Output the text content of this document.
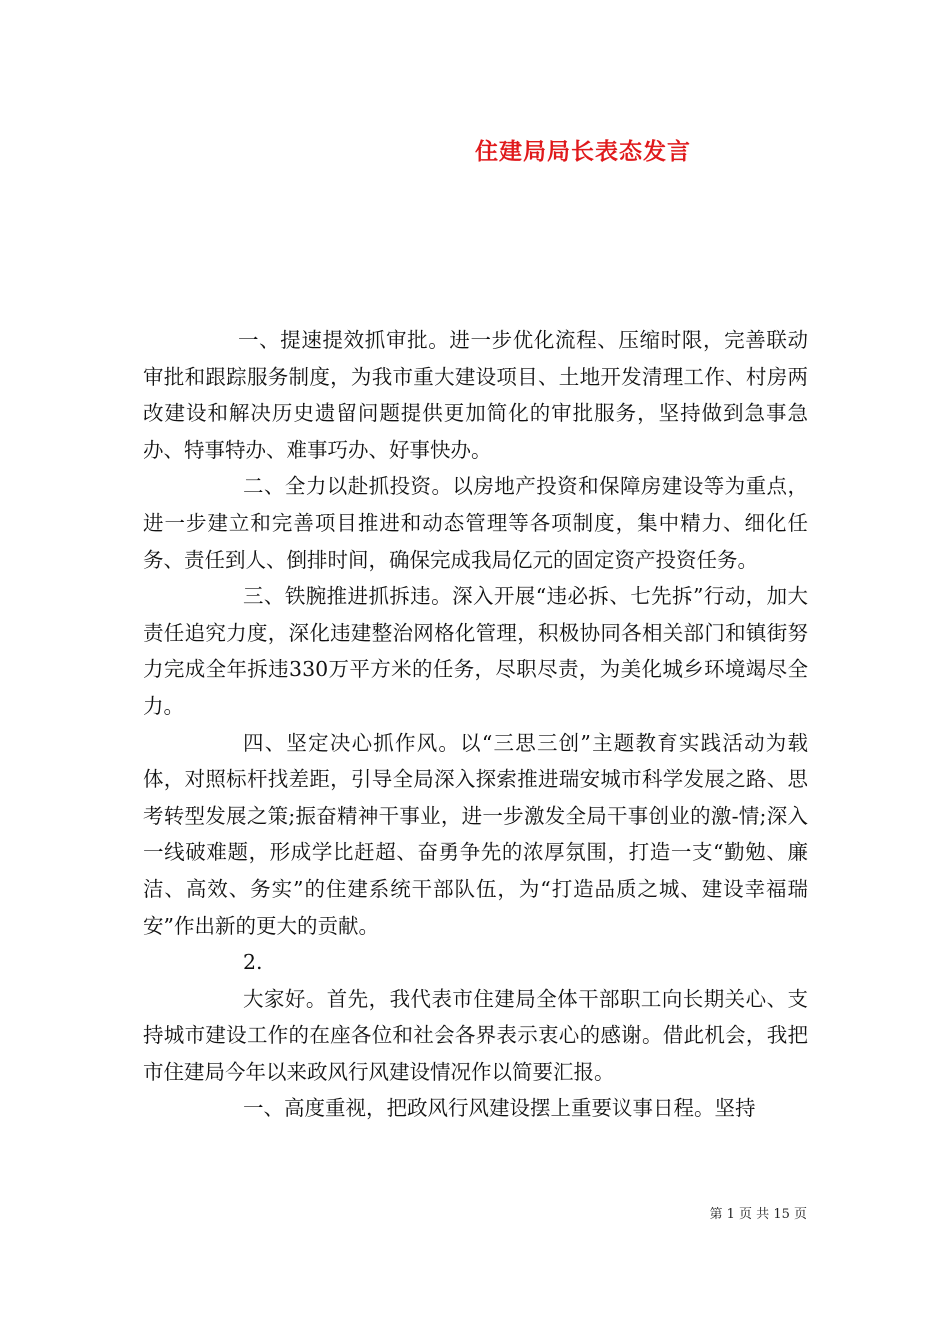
住建局局长表态发言

一、提速提效抓审批。进一步优化流程、压缩时限，完善联动审批和跟踪服务制度，为我市重大建设项目、土地开发清理工作、村房两改建设和解决历史遗留问题提供更加简化的审批服务，坚持做到急事急办、特事特办、难事巧办、好事快办。

二、全力以赴抓投资。以房地产投资和保障房建设等为重点，进一步建立和完善项目推进和动态管理等各项制度，集中精力、细化任务、责任到人、倒排时间，确保完成我局亿元的固定资产投资任务。

三、铁腕推进抓拆违。深入开展“违必拆、七先拆”行动，加大责任追究力度，深化违建整治网格化管理，积极协同各相关部门和镇街努力完成全年拆违330万平方米的任务，尽职尽责，为美化城乡环境竭尽全力。

四、坚定决心抓作风。以“三思三创”主题教育实践活动为载体，对照标杆找差距，引导全局深入探索推进瑞安城市科学发展之路、思考转型发展之策;振奋精神干事业，进一步激发全局干事创业的激-情;深入一线破难题，形成学比赶超、奋勇争先的浓厚氛围，打造一支“勤勉、廉洁、高效、务实”的住建系统干部队伍，为“打造品质之城、建设幸福瑞安”作出新的更大的贡献。

2.

大家好。首先，我代表市住建局全体干部职工向长期关心、支持城市建设工作的在座各位和社会各界表示衷心的感谢。借此机会，我把市住建局今年以来政风行风建设情况作以简要汇报。

一、高度重视，把政风行风建设摆上重要议事日程。坚持

第 1 页 共 15 页
